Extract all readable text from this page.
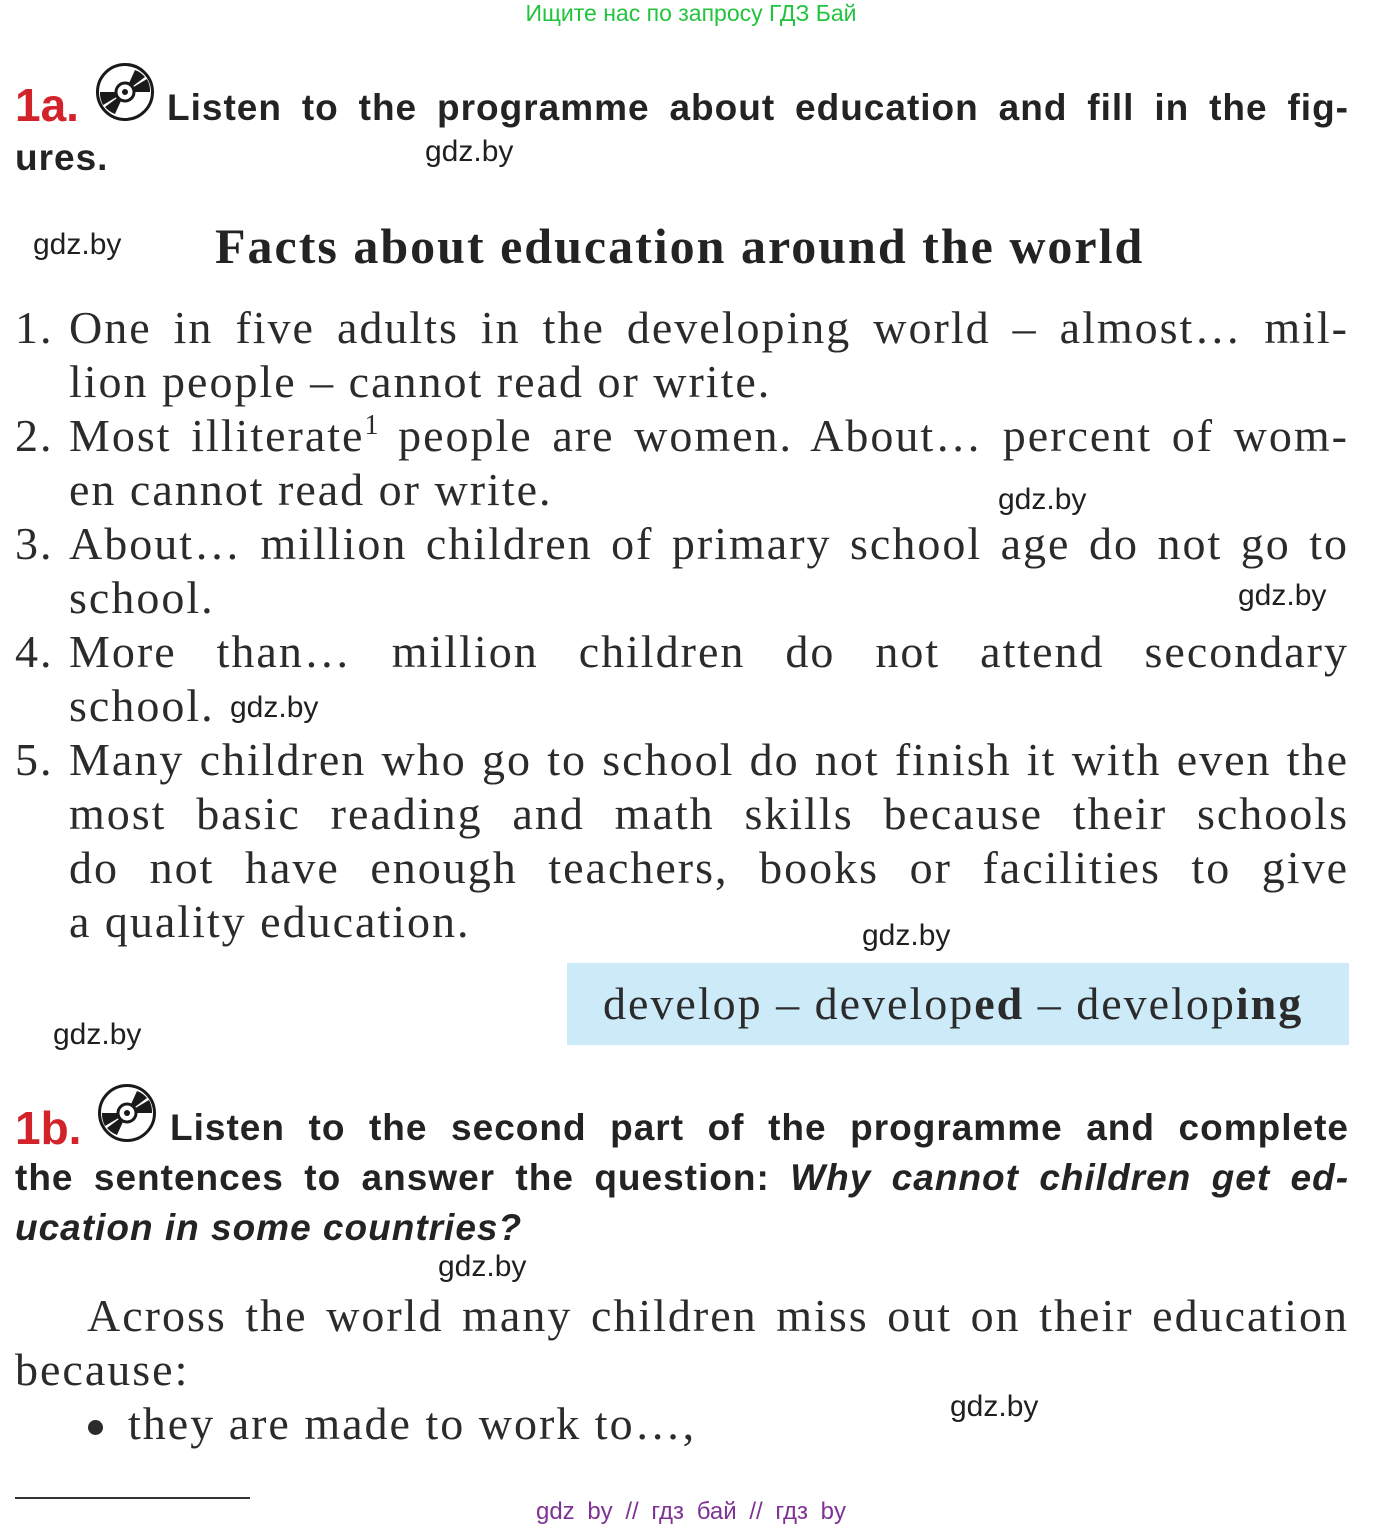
Ищите нас по запросу ГДЗ Бай
1a. Listen to the programme about education and fill in the fig-
ures.
Facts about education around the world
1. One in five adults in the developing world – almost… mil-
lion people – cannot read or write.
2. Most illiterate$^1$ people are women. About… percent of wom-
en cannot read or write.
3. About… million children of primary school age do not go to
school.
4. More than… million children do not attend secondary
school.
5. Many children who go to school do not finish it with even the
most basic reading and math skills because their schools
do not have enough teachers, books or facilities to give
a quality education.
develop – developed – developing
1b. Listen to the second part of the programme and complete
the sentences to answer the question: Why cannot children get ed-
ucation in some countries?
Across the world many children miss out on their education
because:
they are made to work to…,
gdz.by
gdz.by
gdz.by
gdz.by
gdz.by
gdz.by
gdz.by
gdz.by
gdz.by
gdz by // гдз бай // гдз by
